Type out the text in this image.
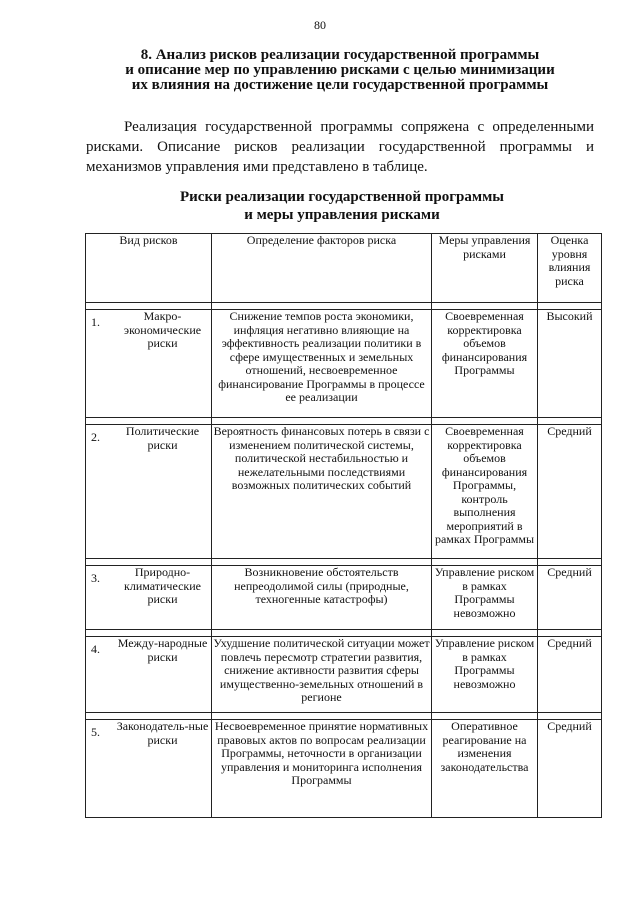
80
8. Анализ рисков реализации государственной программы
и описание мер по управлению рисками с целью минимизации
их влияния на достижение цели государственной программы
Реализация государственной программы сопряжена с определенными
рисками. Описание рисков реализации государственной программы и
механизмов управления ими представлено в таблице.
Риски реализации государственной программы
и меры управления рисками
Вид рисков	Определение факторов риска	Меры управления рисками	Оценка уровня влияния риска

1. Макро-экономические риски	Снижение темпов роста экономики, инфляция негативно влияющие на эффективность реализации политики в сфере имущественных и земельных отношений, несвоевременное финансирование Программы в процессе ее реализации	Своевременная корректировка объемов финансирования Программы	Высокий

2. Политические риски	Вероятность финансовых потерь в связи с изменением политической системы, политической нестабильностью и нежелательными последствиями возможных политических событий	Своевременная корректировка объемов финансирования Программы, контроль выполнения мероприятий в рамках Программы	Средний

3. Природно-климатические риски	Возникновение обстоятельств непреодолимой силы (природные, техногенные катастрофы)	Управление риском в рамках Программы невозможно	Средний

4. Между-народные риски	Ухудшение политической ситуации может повлечь пересмотр стратегии развития, снижение активности развития сферы имущественно-земельных отношений в регионе	Управление риском в рамках Программы невозможно	Средний

5. Законодатель-ные риски	Несвоевременное принятие нормативных правовых актов по вопросам реализации Программы, неточности в организации управления и мониторинга исполнения Программы	Оперативное реагирование на изменения законодательства	Средний
